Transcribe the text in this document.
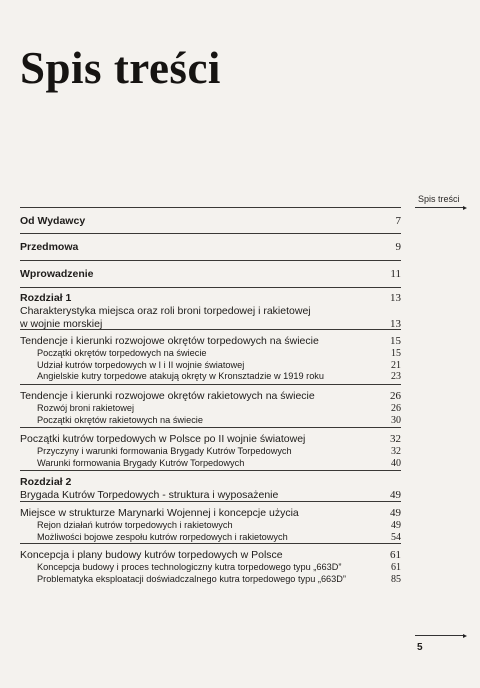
Spis treści
Spis treści
Od Wydawcy	7
Przedmowa	9
Wprowadzenie	11
Rozdział 1	13
Charakterystyka miejsca oraz roli broni torpedowej i rakietowej
w wojnie morskiej	13
Tendencje i kierunki rozwojowe okrętów torpedowych na świecie	15
Początki okrętów torpedowych na świecie	15
Udział kutrów torpedowych w I i II wojnie światowej	21
Angielskie kutry torpedowe atakują okręty w Kronsztadzie w 1919 roku	23
Tendencje i kierunki rozwojowe okrętów rakietowych na świecie	26
Rozwój broni rakietowej	26
Początki okrętów rakietowych na świecie	30
Początki kutrów torpedowych w Polsce po II wojnie światowej	32
Przyczyny i warunki formowania Brygady Kutrów Torpedowych	32
Warunki formowania Brygady Kutrów Torpedowych	40
Rozdział 2
Brygada Kutrów Torpedowych - struktura i wyposażenie	49
Miejsce w strukturze Marynarki Wojennej i koncepcje użycia	49
Rejon działań kutrów torpedowych i rakietowych	49
Możliwości bojowe zespołu kutrów rorpedowych i rakietowych	54
Koncepcja i plany budowy kutrów torpedowych w Polsce	61
Koncepcja budowy i proces technologiczny kutra torpedowego typu „663D”	61
Problematyka eksploatacji doświadczalnego kutra torpedowego typu „663D”	85
5
